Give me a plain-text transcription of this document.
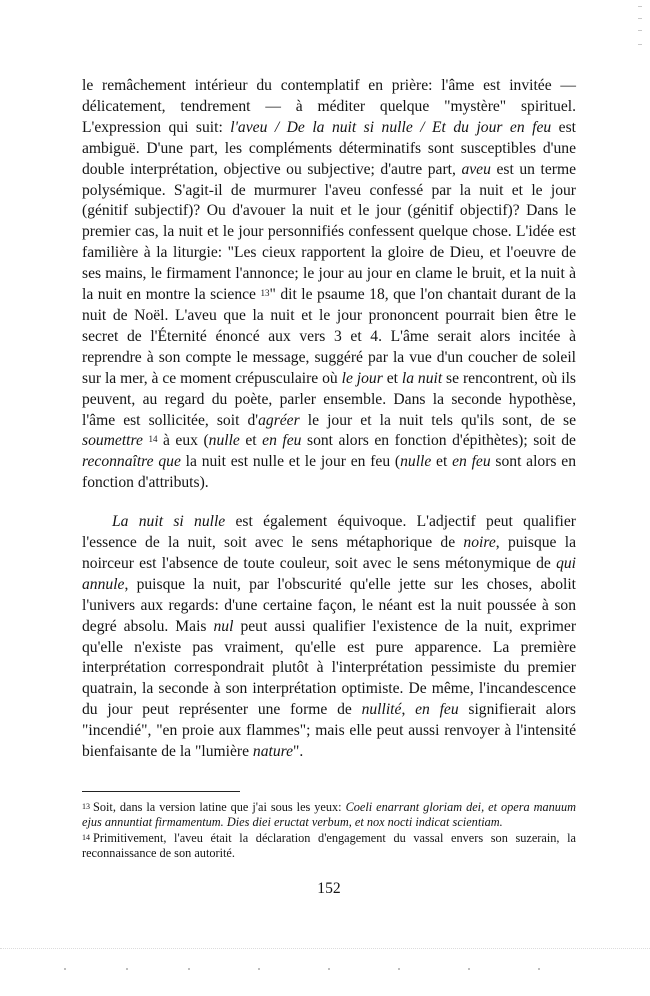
le remâchement intérieur du contemplatif en prière: l'âme est invitée — délicatement, tendrement — à méditer quelque "mystère" spirituel. L'expression qui suit: l'aveu / De la nuit si nulle / Et du jour en feu est ambiguë. D'une part, les compléments déterminatifs sont susceptibles d'une double interprétation, objective ou subjective; d'autre part, aveu est un terme polysémique. S'agit-il de murmurer l'aveu confessé par la nuit et le jour (génitif subjectif)? Ou d'avouer la nuit et le jour (génitif objectif)? Dans le premier cas, la nuit et le jour personnifiés confessent quelque chose. L'idée est familière à la liturgie: "Les cieux rapportent la gloire de Dieu, et l'oeuvre de ses mains, le firmament l'annonce; le jour au jour en clame le bruit, et la nuit à la nuit en montre la science $^{13}$" dit le psaume 18, que l'on chantait durant de la nuit de Noël. L'aveu que la nuit et le jour prononcent pourrait bien être le secret de l'Éternité énoncé aux vers 3 et 4. L'âme serait alors incitée à reprendre à son compte le message, suggéré par la vue d'un coucher de soleil sur la mer, à ce moment crépusculaire où le jour et la nuit se rencontrent, où ils peuvent, au regard du poète, parler ensemble. Dans la seconde hypothèse, l'âme est sollicitée, soit d'agréer le jour et la nuit tels qu'ils sont, de se soumettre $^{14}$ à eux (nulle et en feu sont alors en fonction d'épithètes); soit de reconnaître que la nuit est nulle et le jour en feu (nulle et en feu sont alors en fonction d'attributs).

La nuit si nulle est également équivoque. L'adjectif peut qualifier l'essence de la nuit, soit avec le sens métaphorique de noire, puisque la noirceur est l'absence de toute couleur, soit avec le sens métonymique de qui annule, puisque la nuit, par l'obscurité qu'elle jette sur les choses, abolit l'univers aux regards: d'une certaine façon, le néant est la nuit poussée à son degré absolu. Mais nul peut aussi qualifier l'existence de la nuit, exprimer qu'elle n'existe pas vraiment, qu'elle est pure apparence. La première interprétation correspondrait plutôt à l'interprétation pessimiste du premier quatrain, la seconde à son interprétation optimiste. De même, l'incandescence du jour peut représenter une forme de nullité, en feu signifierait alors "incendié", "en proie aux flammes"; mais elle peut aussi renvoyer à l'intensité bienfaisante de la "lumière nature".

$^{13}$ Soit, dans la version latine que j'ai sous les yeux: Coeli enarrant gloriam dei, et opera manuum ejus annuntiat firmamentum. Dies diei eructat verbum, et nox nocti indicat scientiam.

$^{14}$ Primitivement, l'aveu était la déclaration d'engagement du vassal envers son suzerain, la reconnaissance de son autorité.

152
